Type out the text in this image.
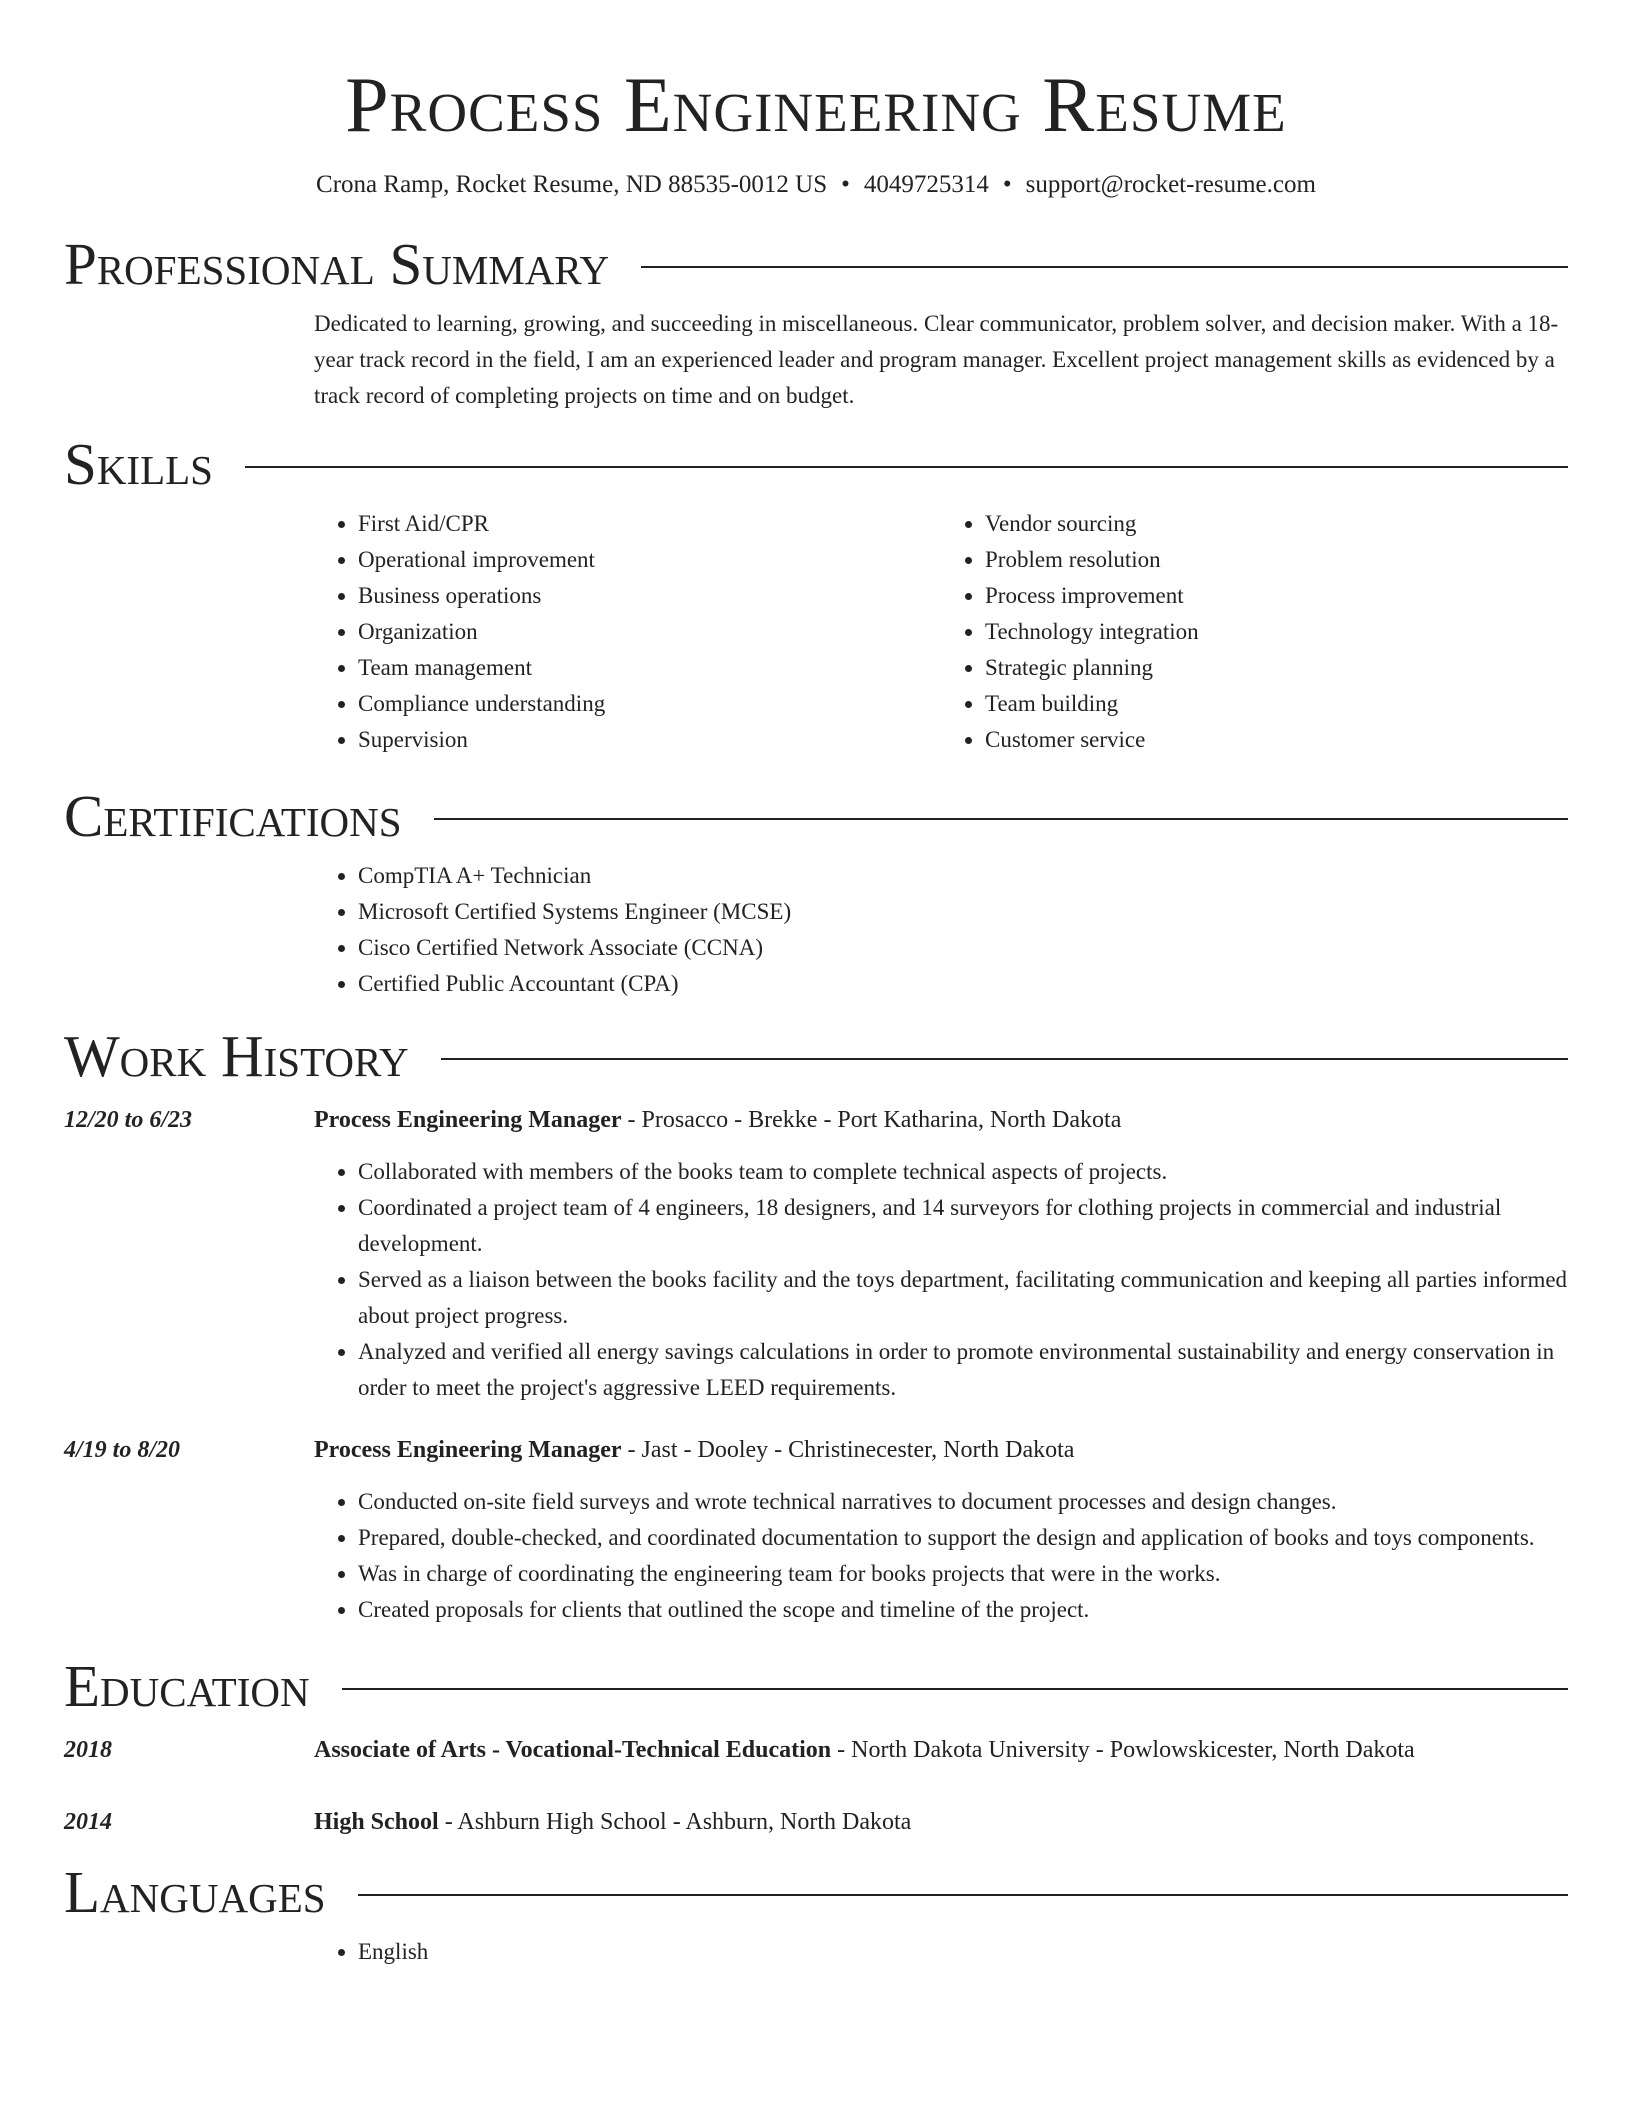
Process Engineering Resume
Crona Ramp, Rocket Resume, ND 88535-0012 US • 4049725314 • support@rocket-resume.com
Professional Summary

Dedicated to learning, growing, and succeeding in miscellaneous. Clear communicator, problem solver, and decision maker. With a 18-year track record in the field, I am an experienced leader and program manager. Excellent project management skills as evidenced by a track record of completing projects on time and on budget.

Skills
• First Aid/CPR
• Operational improvement
• Business operations
• Organization
• Team management
• Compliance understanding
• Supervision
• Vendor sourcing
• Problem resolution
• Process improvement
• Technology integration
• Strategic planning
• Team building
• Customer service
Certifications
• CompTIA A+ Technician
• Microsoft Certified Systems Engineer (MCSE)
• Cisco Certified Network Associate (CCNA)
• Certified Public Accountant (CPA)
Work History
12/20 to 6/23	Process Engineering Manager - Prosacco - Brekke - Port Katharina, North Dakota
• Collaborated with members of the books team to complete technical aspects of projects.
• Coordinated a project team of 4 engineers, 18 designers, and 14 surveyors for clothing projects in commercial and industrial development.
• Served as a liaison between the books facility and the toys department, facilitating communication and keeping all parties informed about project progress.
• Analyzed and verified all energy savings calculations in order to promote environmental sustainability and energy conservation in order to meet the project's aggressive LEED requirements.
4/19 to 8/20	Process Engineering Manager - Jast - Dooley - Christinecester, North Dakota
• Conducted on-site field surveys and wrote technical narratives to document processes and design changes.
• Prepared, double-checked, and coordinated documentation to support the design and application of books and toys components.
• Was in charge of coordinating the engineering team for books projects that were in the works.
• Created proposals for clients that outlined the scope and timeline of the project.
Education
2018	Associate of Arts - Vocational-Technical Education - North Dakota University - Powlowskicester, North Dakota
2014	High School - Ashburn High School - Ashburn, North Dakota
Languages
• English
